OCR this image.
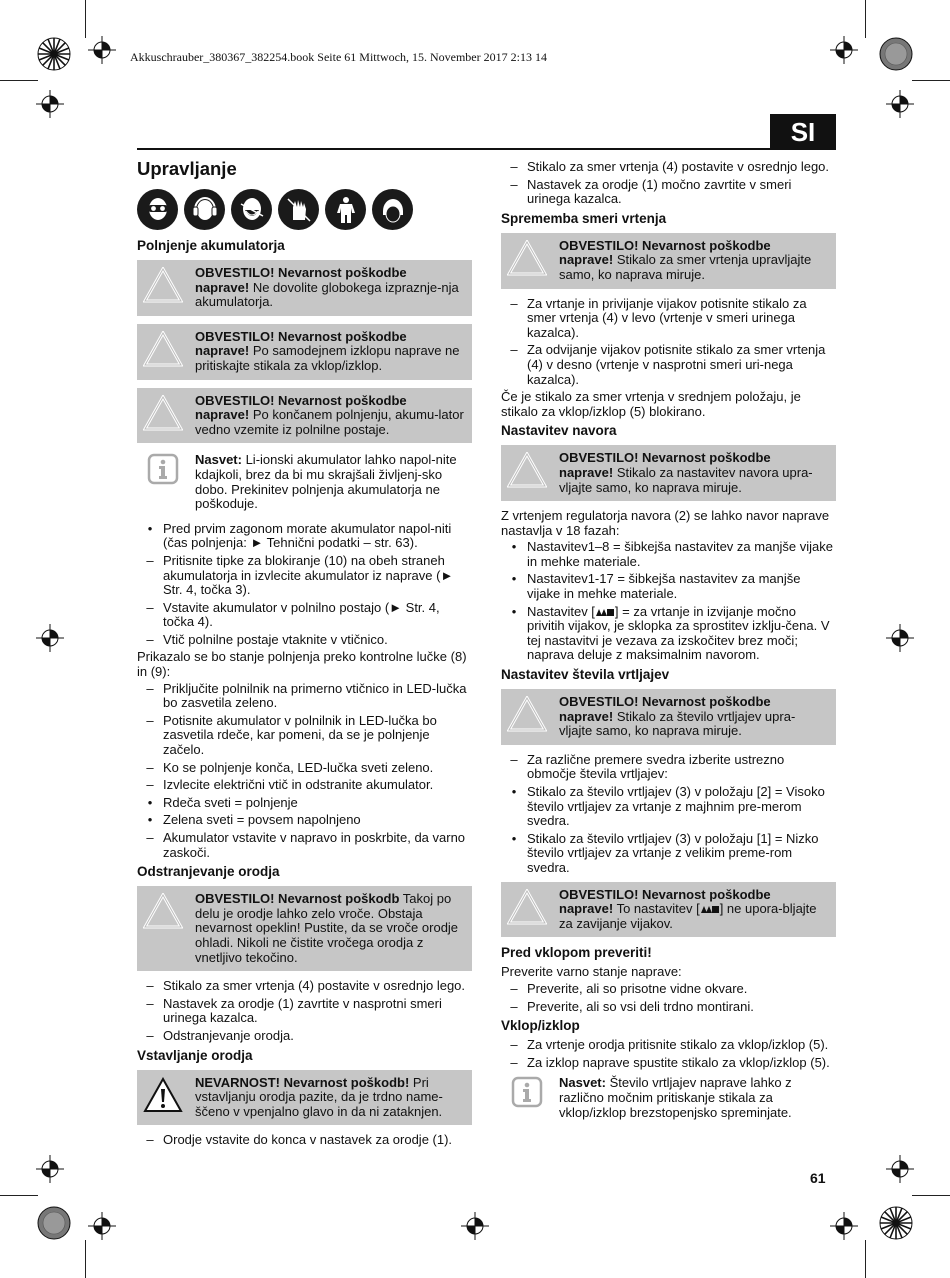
Akkuschrauber_380367_382254.book Seite 61 Mittwoch, 15. November 2017 2:13 14
SI
Upravljanje
Polnjenje akumulatorja
OBVESTILO! Nevarnost poškodbe naprave! Ne dovolite globokega izpraznje-nja akumulatorja.
OBVESTILO! Nevarnost poškodbe naprave! Po samodejnem izklopu naprave ne pritiskajte stikala za vklop/izklop.
OBVESTILO! Nevarnost poškodbe naprave! Po končanem polnjenju, akumu-lator vedno vzemite iz polnilne postaje.
Nasvet: Li-ionski akumulator lahko napol-nite kdajkoli, brez da bi mu skrajšali življenj-sko dobo. Prekinitev polnjenja akumulatorja ne poškoduje.
• Pred prvim zagonom morate akumulator napol-niti (čas polnjenja: ► Tehnični podatki – str. 63).
– Pritisnite tipke za blokiranje (10) na obeh straneh akumulatorja in izvlecite akumulator iz naprave (► Str. 4, točka 3).
– Vstavite akumulator v polnilno postajo (► Str. 4, točka 4).
– Vtič polnilne postaje vtaknite v vtičnico.
Prikazalo se bo stanje polnjenja preko kontrolne lučke (8) in (9):
– Priključite polnilnik na primerno vtičnico in LED-lučka bo zasvetila zeleno.
– Potisnite akumulator v polnilnik in LED-lučka bo zasvetila rdeče, kar pomeni, da se je polnjenje začelo.
– Ko se polnjenje konča, LED-lučka sveti zeleno.
– Izvlecite električni vtič in odstranite akumulator.
• Rdeča sveti = polnjenje
• Zelena sveti = povsem napolnjeno
– Akumulator vstavite v napravo in poskrbite, da varno zaskoči.
Odstranjevanje orodja
OBVESTILO! Nevarnost poškodb Takoj po delu je orodje lahko zelo vroče. Obstaja nevarnost opeklin! Pustite, da se vroče orodje ohladi. Nikoli ne čistite vročega orodja z vnetljivo tekočino.
– Stikalo za smer vrtenja (4) postavite v osrednjo lego.
– Nastavek za orodje (1) zavrtite v nasprotni smeri urinega kazalca.
– Odstranjevanje orodja.
Vstavljanje orodja
NEVARNOST! Nevarnost poškodb! Pri vstavljanju orodja pazite, da je trdno name-ščeno v vpenjalno glavo in da ni zataknjen.
– Orodje vstavite do konca v nastavek za orodje (1).
– Stikalo za smer vrtenja (4) postavite v osrednjo lego.
– Nastavek za orodje (1) močno zavrtite v smeri urinega kazalca.
Sprememba smeri vrtenja
OBVESTILO! Nevarnost poškodbe naprave! Stikalo za smer vrtenja upravljajte samo, ko naprava miruje.
– Za vrtanje in privijanje vijakov potisnite stikalo za smer vrtenja (4) v levo (vrtenje v smeri urinega kazalca).
– Za odvijanje vijakov potisnite stikalo za smer vrtenja (4) v desno (vrtenje v nasprotni smeri uri-nega kazalca).
Če je stikalo za smer vrtenja v srednjem položaju, je stikalo za vklop/izklop (5) blokirano.
Nastavitev navora
OBVESTILO! Nevarnost poškodbe naprave! Stikalo za nastavitev navora upra-vljajte samo, ko naprava miruje.
Z vrtenjem regulatorja navora (2) se lahko navor naprave nastavlja v 18 fazah:
• Nastavitev1–8 = šibkejša nastavitev za manjše vijake in mehke materiale.
• Nastavitev1-17 = šibkejša nastavitev za manjše vijake in mehke materiale.
• Nastavitev [ ] = za vrtanje in izvijanje močno privitih vijakov, je sklopka za sprostitev izklju-čena. V tej nastavitvi je vezava za izskočitev brez moči; naprava deluje z maksimalnim navorom.
Nastavitev števila vrtljajev
OBVESTILO! Nevarnost poškodbe naprave! Stikalo za število vrtljajev upra-vljajte samo, ko naprava miruje.
– Za različne premere svedra izberite ustrezno območje števila vrtljajev:
• Stikalo za število vrtljajev (3) v položaju [2] = Visoko število vrtljajev za vrtanje z majhnim pre-merom svedra.
• Stikalo za število vrtljajev (3) v položaju [1] = Nizko število vrtljajev za vrtanje z velikim preme-rom svedra.
OBVESTILO! Nevarnost poškodbe naprave! To nastavitev [ ] ne upora-bljajte za zavijanje vijakov.
Pred vklopom preveriti!
Preverite varno stanje naprave:
– Preverite, ali so prisotne vidne okvare.
– Preverite, ali so vsi deli trdno montirani.
Vklop/izklop
– Za vrtenje orodja pritisnite stikalo za vklop/izklop (5).
– Za izklop naprave spustite stikalo za vklop/izklop (5).
Nasvet: Število vrtljajev naprave lahko z različno močnim pritiskanje stikala za vklop/izklop brezstopenjsko spreminjate.
61
